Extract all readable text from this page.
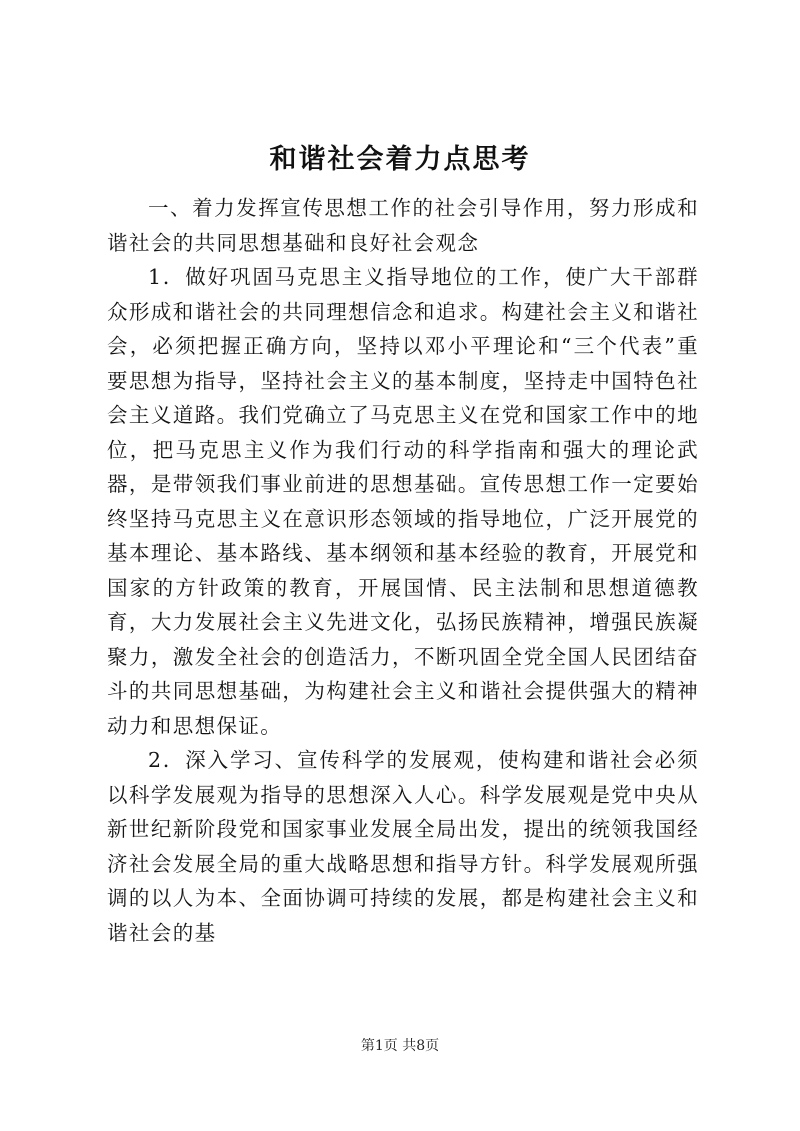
和谐社会着力点思考

一、着力发挥宣传思想工作的社会引导作用，努力形成和谐社会的共同思想基础和良好社会观念

1．做好巩固马克思主义指导地位的工作，使广大干部群众形成和谐社会的共同理想信念和追求。构建社会主义和谐社会，必须把握正确方向，坚持以邓小平理论和“三个代表”重要思想为指导，坚持社会主义的基本制度，坚持走中国特色社会主义道路。我们党确立了马克思主义在党和国家工作中的地位，把马克思主义作为我们行动的科学指南和强大的理论武器，是带领我们事业前进的思想基础。宣传思想工作一定要始终坚持马克思主义在意识形态领域的指导地位，广泛开展党的基本理论、基本路线、基本纲领和基本经验的教育，开展党和国家的方针政策的教育，开展国情、民主法制和思想道德教育，大力发展社会主义先进文化，弘扬民族精神，增强民族凝聚力，激发全社会的创造活力，不断巩固全党全国人民团结奋斗的共同思想基础，为构建社会主义和谐社会提供强大的精神动力和思想保证。

2．深入学习、宣传科学的发展观，使构建和谐社会必须以科学发展观为指导的思想深入人心。科学发展观是党中央从新世纪新阶段党和国家事业发展全局出发，提出的统领我国经济社会发展全局的重大战略思想和指导方针。科学发展观所强调的以人为本、全面协调可持续的发展，都是构建社会主义和谐社会的基

第1页 共8页
